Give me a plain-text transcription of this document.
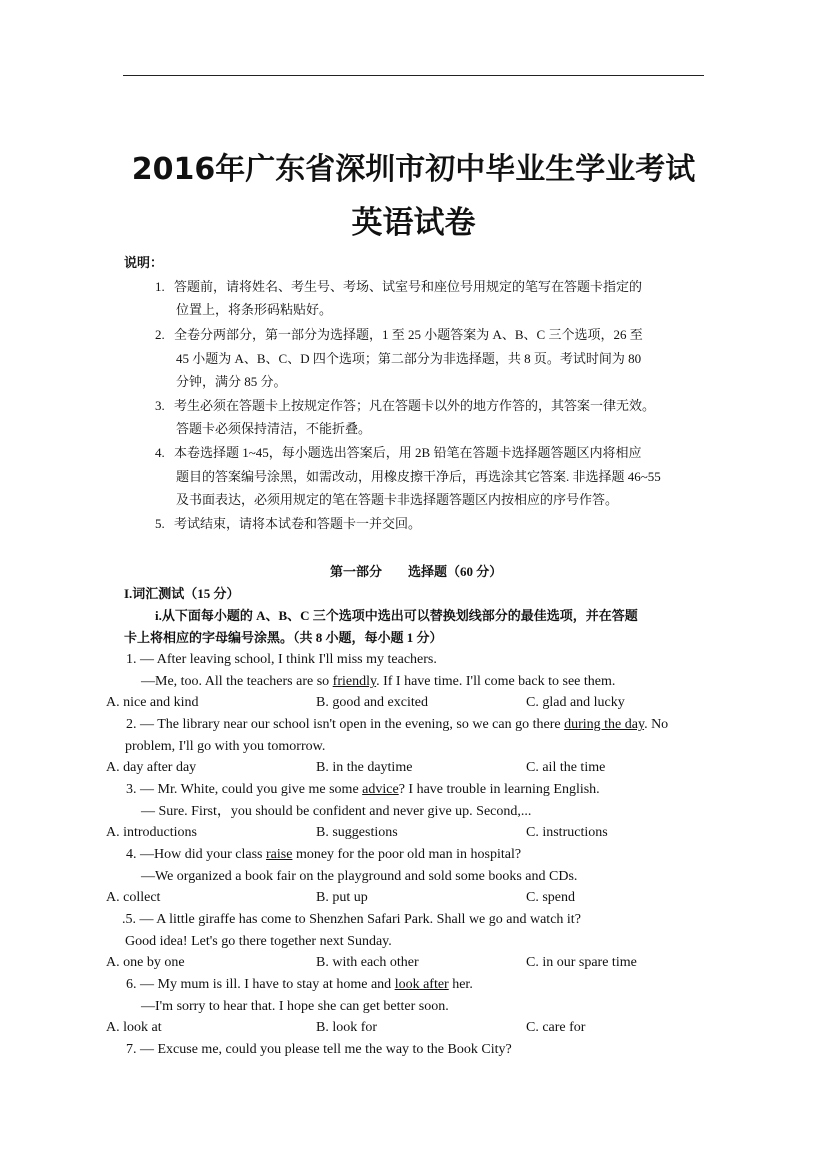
2016年广东省深圳市初中毕业生学业考试
英语试卷
说明：
1. 答题前，请将姓名、考生号、考场、试室号和座位号用规定的笔写在答题卡指定的
位置上，将条形码粘贴好。
2. 全卷分两部分，第一部分为选择题，1 至 25 小题答案为 A、B、C 三个选项，26 至
45 小题为 A、B、C、D 四个选项；第二部分为非选择题，共 8 页。考试时间为 80
分钟，满分 85 分。
3. 考生必须在答题卡上按规定作答；凡在答题卡以外的地方作答的，其答案一律无效。
答题卡必须保持清洁，不能折叠。
4. 本卷选择题 1~45，每小题选出答案后，用 2B 铅笔在答题卡选择题答题区内将相应
题目的答案编号涂黑，如需改动，用橡皮擦干净后，再选涂其它答案. 非选择题 46~55
及书面表达，必须用规定的笔在答题卡非选择题答题区内按相应的序号作答。
5. 考试结束，请将本试卷和答题卡一并交回。
第一部分　　选择题（60 分）
I.词汇测试（15 分）
i.从下面每小题的 A、B、C 三个选项中选出可以替换划线部分的最佳选项，并在答题
卡上将相应的字母编号涂黑。（共 8 小题，每小题 1 分）
1. — After leaving school, I think I'll miss my teachers.
—Me, too. All the teachers are so friendly. If I have time. I'll come back to see them.
A. nice and kind	B. good and excited	C. glad and lucky
2. — The library near our school isn't open in the evening, so we can go there during the day. No
problem, I'll go with you tomorrow.
A. day after day	B. in the daytime	C. ail the time
3. — Mr. White, could you give me some advice? I have trouble in learning English.
— Sure. First，you should be confident and never give up. Second,...
A. introductions	B. suggestions	C. instructions
4. —How did your class raise money for the poor old man in hospital?
—We organized a book fair on the playground and sold some books and CDs.
A. collect	B. put up	C. spend
.5. — A little giraffe has come to Shenzhen Safari Park. Shall we go and watch it?
Good idea! Let's go there together next Sunday.
A. one by one	B. with each other	C. in our spare time
6. — My mum is ill. I have to stay at home and look after her.
—I'm sorry to hear that. I hope she can get better soon.
A. look at	B. look for	C. care for
7. — Excuse me, could you please tell me the way to the Book City?
